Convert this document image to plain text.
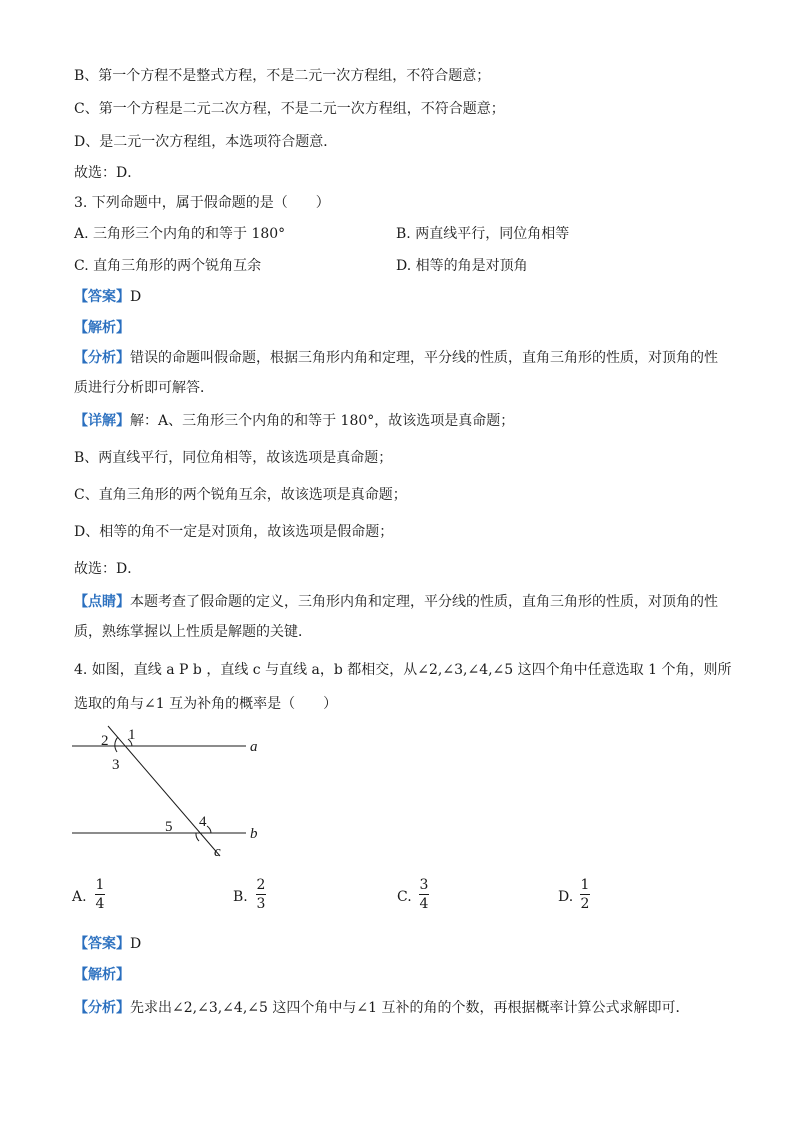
B、第一个方程不是整式方程，不是二元一次方程组，不符合题意；
C、第一个方程是二元二次方程，不是二元一次方程组，不符合题意；
D、是二元一次方程组，本选项符合题意．
故选：D．
3. 下列命题中，属于假命题的是（　　）
A. 三角形三个内角的和等于 180°	B. 两直线平行，同位角相等
C. 直角三角形的两个锐角互余	D. 相等的角是对顶角
【答案】D
【解析】
【分析】错误的命题叫假命题，根据三角形内角和定理，平分线的性质，直角三角形的性质，对顶角的性
质进行分析即可解答．
【详解】解：A、三角形三个内角的和等于 180°，故该选项是真命题；
B、两直线平行，同位角相等，故该选项是真命题；
C、直角三角形的两个锐角互余，故该选项是真命题；
D、相等的角不一定是对顶角，故该选项是假命题；
故选：D．
【点睛】本题考查了假命题的定义，三角形内角和定理，平分线的性质，直角三角形的性质，对顶角的性
质，熟练掌握以上性质是解题的关键．
4. 如图，直线 a P b ，直线 c 与直线 a，b 都相交，从∠2,∠3,∠4,∠5 这四个角中任意选取 1 个角，则所
选取的角与∠1 互为补角的概率是（　　）
1
2
3
4
5
a
b
c
A.
1
4	B.
2
3	C.
3
4	D.
1
2
【答案】D
【解析】
【分析】先求出∠2,∠3,∠4,∠5 这四个角中与∠1 互补的角的个数，再根据概率计算公式求解即可．
